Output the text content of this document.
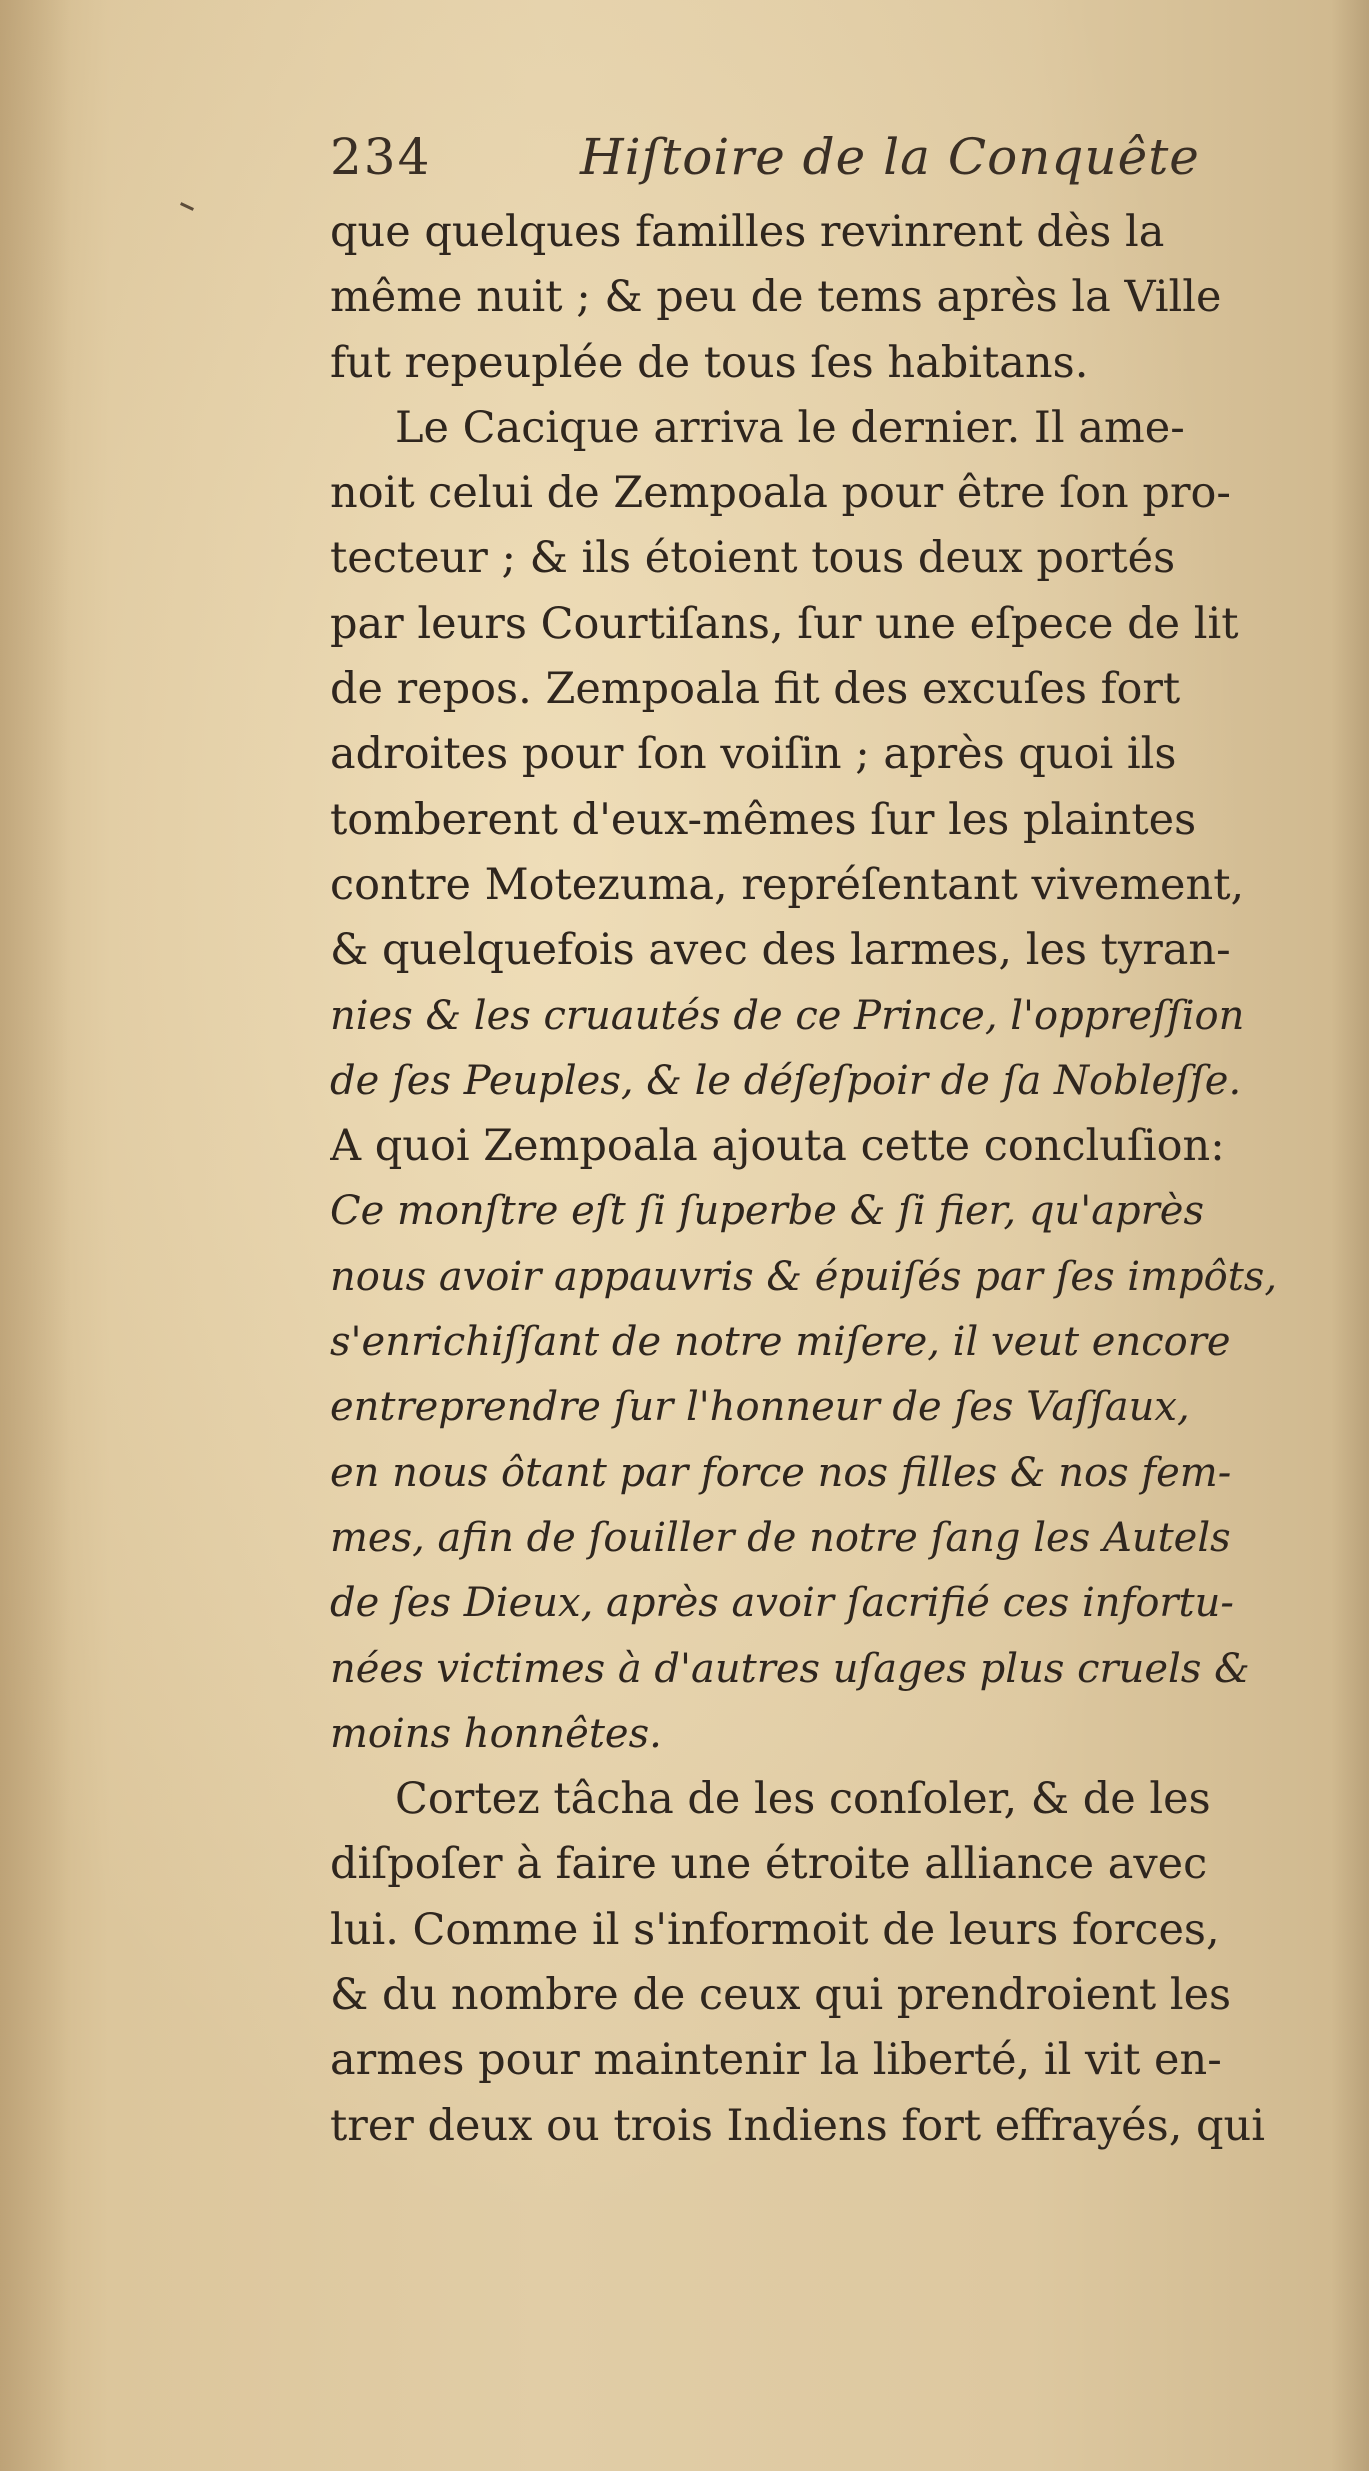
234	Hiſtoire de la Conquête
que quelques familles revinrent dès la
même nuit ; & peu de tems après la Ville
fut repeuplée de tous ſes habitans.
Le Cacique arriva le dernier. Il ame-
noit celui de Zempoala pour être ſon pro-
tecteur ; & ils étoient tous deux portés
par leurs Courtiſans, ſur une eſpece de lit
de repos. Zempoala fit des excuſes fort
adroites pour ſon voiſin ; après quoi ils
tomberent d'eux-mêmes ſur les plaintes
contre Motezuma, repréſentant vivement,
& quelquefois avec des larmes, les tyran-
nies & les cruautés de ce Prince, l'oppreſſion
de ſes Peuples, & le déſeſpoir de ſa Nobleſſe.
A quoi Zempoala ajouta cette concluſion:
Ce monſtre eſt ſi ſuperbe & ſi fier, qu'après
nous avoir appauvris & épuiſés par ſes impôts,
s'enrichiſſant de notre miſere, il veut encore
entreprendre ſur l'honneur de ſes Vaſſaux,
en nous ôtant par force nos filles & nos fem-
mes, afin de ſouiller de notre ſang les Autels
de ſes Dieux, après avoir ſacrifié ces infortu-
nées victimes à d'autres uſages plus cruels &
moins honnêtes.
Cortez tâcha de les conſoler, & de les
diſpoſer à faire une étroite alliance avec
lui. Comme il s'informoit de leurs forces,
& du nombre de ceux qui prendroient les
armes pour maintenir la liberté, il vit en-
trer deux ou trois Indiens fort effrayés, qui
